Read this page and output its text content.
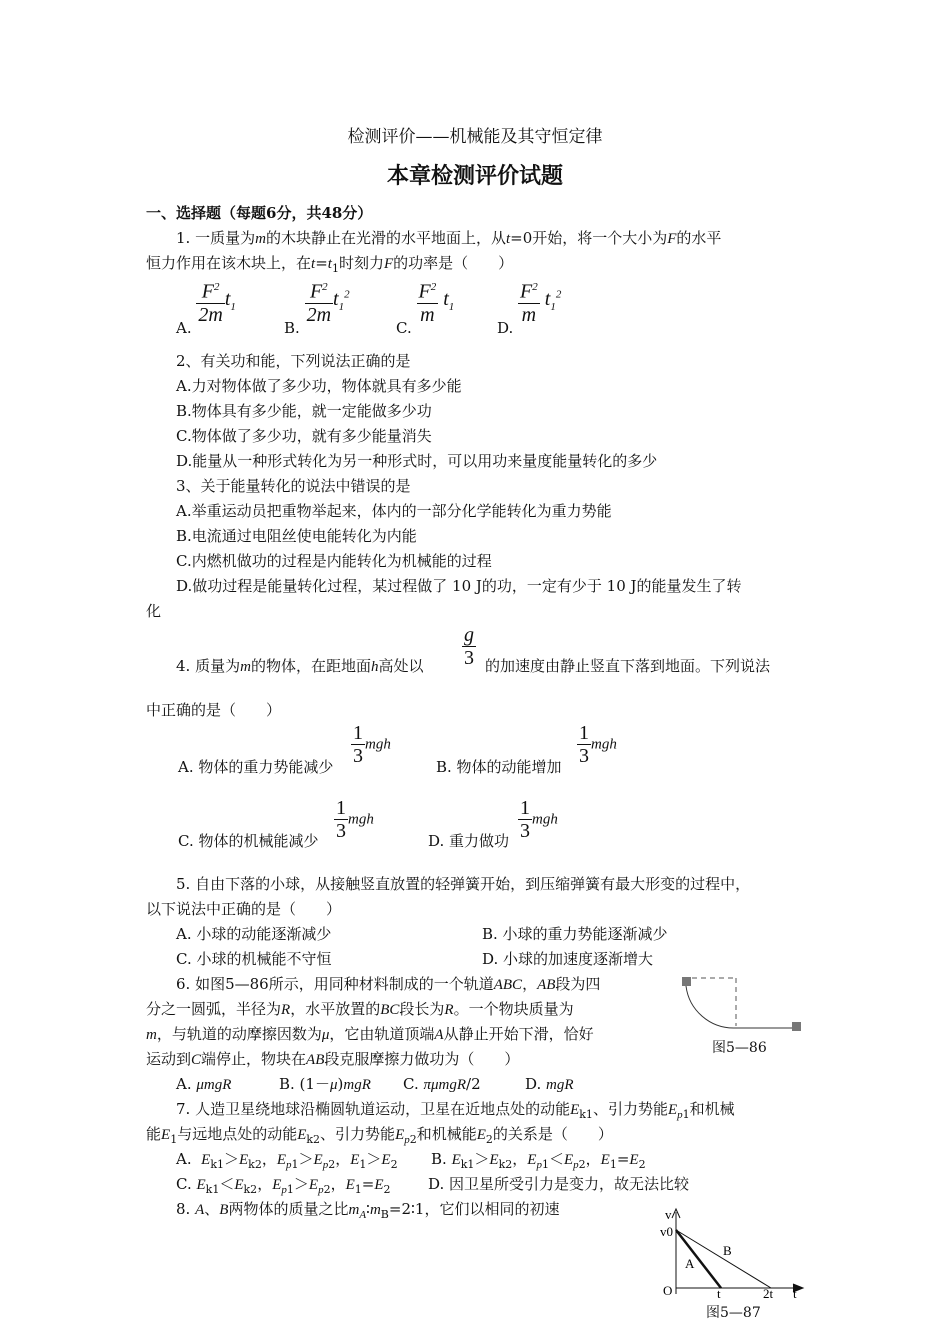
检测评价——机械能及其守恒定律
本章检测评价试题
一、选择题（每题6分，共48分）
1. 一质量为m的木块静止在光滑的水平地面上，从t=0开始，将一个大小为F的水平
恒力作用在该木块上，在$t=t_1$时刻力F的功率是（　　）
A.
$\frac{F^2}{2m} t_1$
B.
$\frac{F^2}{2m} t_1^2$
C.
$\frac{F^2}{m} t_1$
D.
$\frac{F^2}{m} t_1^2$
2、有关功和能，下列说法正确的是
A.力对物体做了多少功，物体就具有多少能
B.物体具有多少能，就一定能做多少功
C.物体做了多少功，就有多少能量消失
D.能量从一种形式转化为另一种形式时，可以用功来量度能量转化的多少
3、关于能量转化的说法中错误的是
A.举重运动员把重物举起来，体内的一部分化学能转化为重力势能
B.电流通过电阻丝使电能转化为内能
C.内燃机做功的过程是内能转化为机械能的过程
D.做功过程是能量转化过程，某过程做了 10 J的功，一定有少于 10 J的能量发生了转
化
4. 质量为m的物体，在距地面h高处以 $\frac{g}{3}$ 的加速度由静止竖直下落到地面。下列说法
中正确的是（　　）
A. 物体的重力势能减少 $\frac{1}{3}$ mgh
B. 物体的动能增加 $\frac{1}{3}$ mgh
C. 物体的机械能减少 $\frac{1}{3}$ mgh
D. 重力做功 $\frac{1}{3}$ mgh
5. 自由下落的小球，从接触竖直放置的轻弹簧开始，到压缩弹簧有最大形变的过程中，
以下说法中正确的是（　　）
A. 小球的动能逐渐减少	B. 小球的重力势能逐渐减少
C. 小球的机械能不守恒	D. 小球的加速度逐渐增大
6. 如图5—86所示，用同种材料制成的一个轨道ABC，AB段为四
分之一圆弧，半径为R，水平放置的BC段长为R。一个物块质量为
m，与轨道的动摩擦因数为μ，它由轨道顶端A从静止开始下滑，恰好
运动到C端停止，物块在AB段克服摩擦力做功为（　　）
A. μmgR	B. (1－μ)mgR C. πμmgR/2	D. mgR
图5—86
7. 人造卫星绕地球沿椭圆轨道运动，卫星在近地点处的动能$E_{k1}$、引力势能$E_{p1}$和机械
能$E_1$与远地点处的动能$E_{k2}$、引力势能$E_{p2}$和机械能$E_2$的关系是（　　）
A.  $E_{k1}>E_{k2}$，$E_{p1}>E_{p2}$，$E_1>E_2$ B. $E_{k1}>E_{k2}$，$E_{p1}<E_{p2}$，$E_1=E_2$
C. $E_{k1}<E_{k2}$，$E_{p1}>E_{p2}$，$E_1=E_2$	D. 因卫星所受引力是变力，故无法比较
8. A、B两物体的质量之比$m_A∶m_B=2∶1$，它们以相同的初速	v
v0
O	t	2t t
A
B
图5—87
